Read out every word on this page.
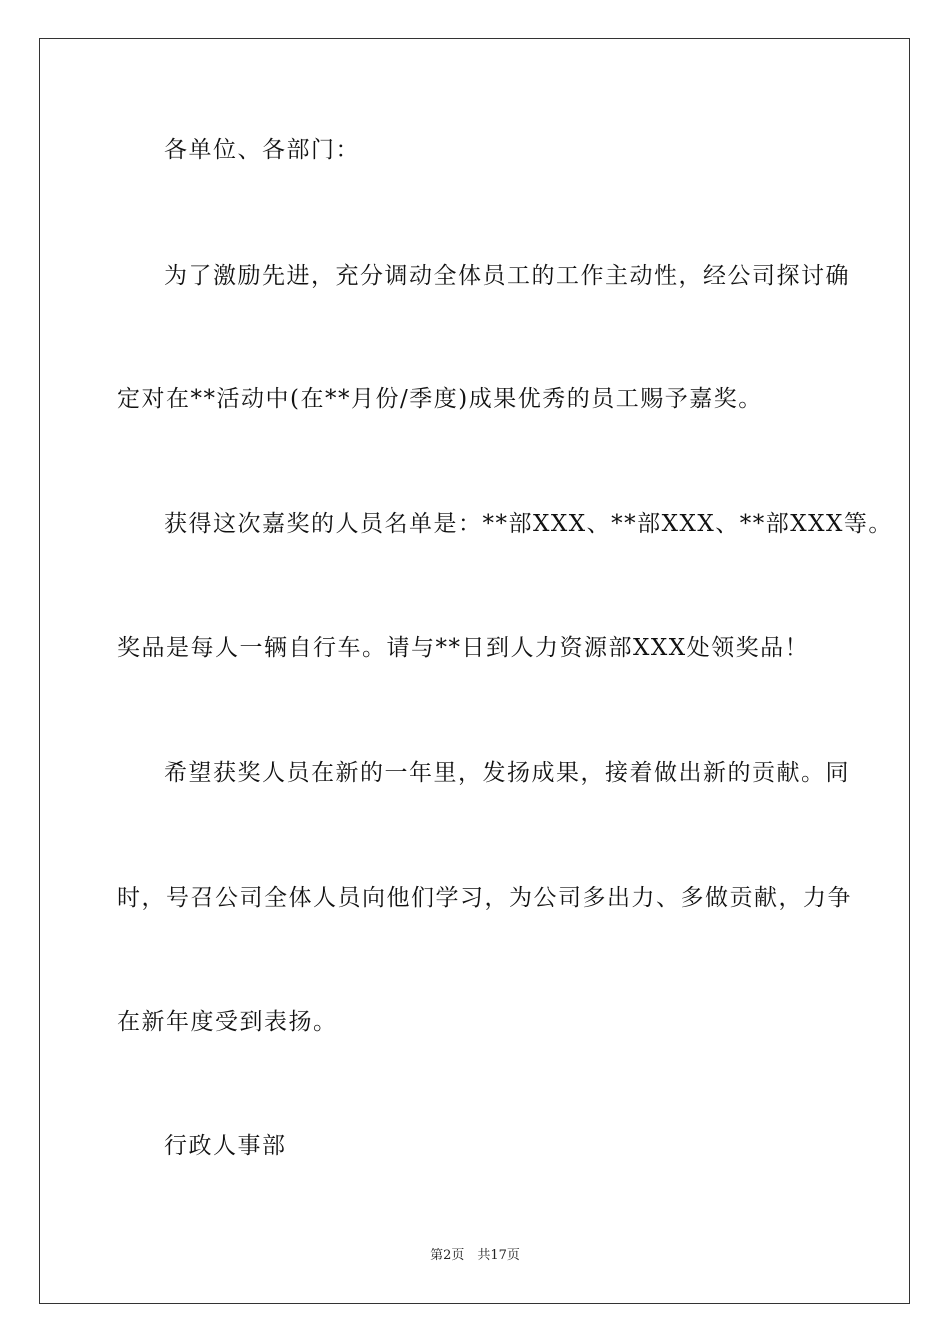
各单位、各部门：
为了激励先进，充分调动全体员工的工作主动性，经公司探讨确
定对在**活动中(在**月份/季度)成果优秀的员工赐予嘉奖。
获得这次嘉奖的人员名单是：**部XXX、**部XXX、**部XXX等。
奖品是每人一辆自行车。请与**日到人力资源部XXX处领奖品！
希望获奖人员在新的一年里，发扬成果，接着做出新的贡献。同
时，号召公司全体人员向他们学习，为公司多出力、多做贡献，力争
在新年度受到表扬。
行政人事部
第2页　共17页
